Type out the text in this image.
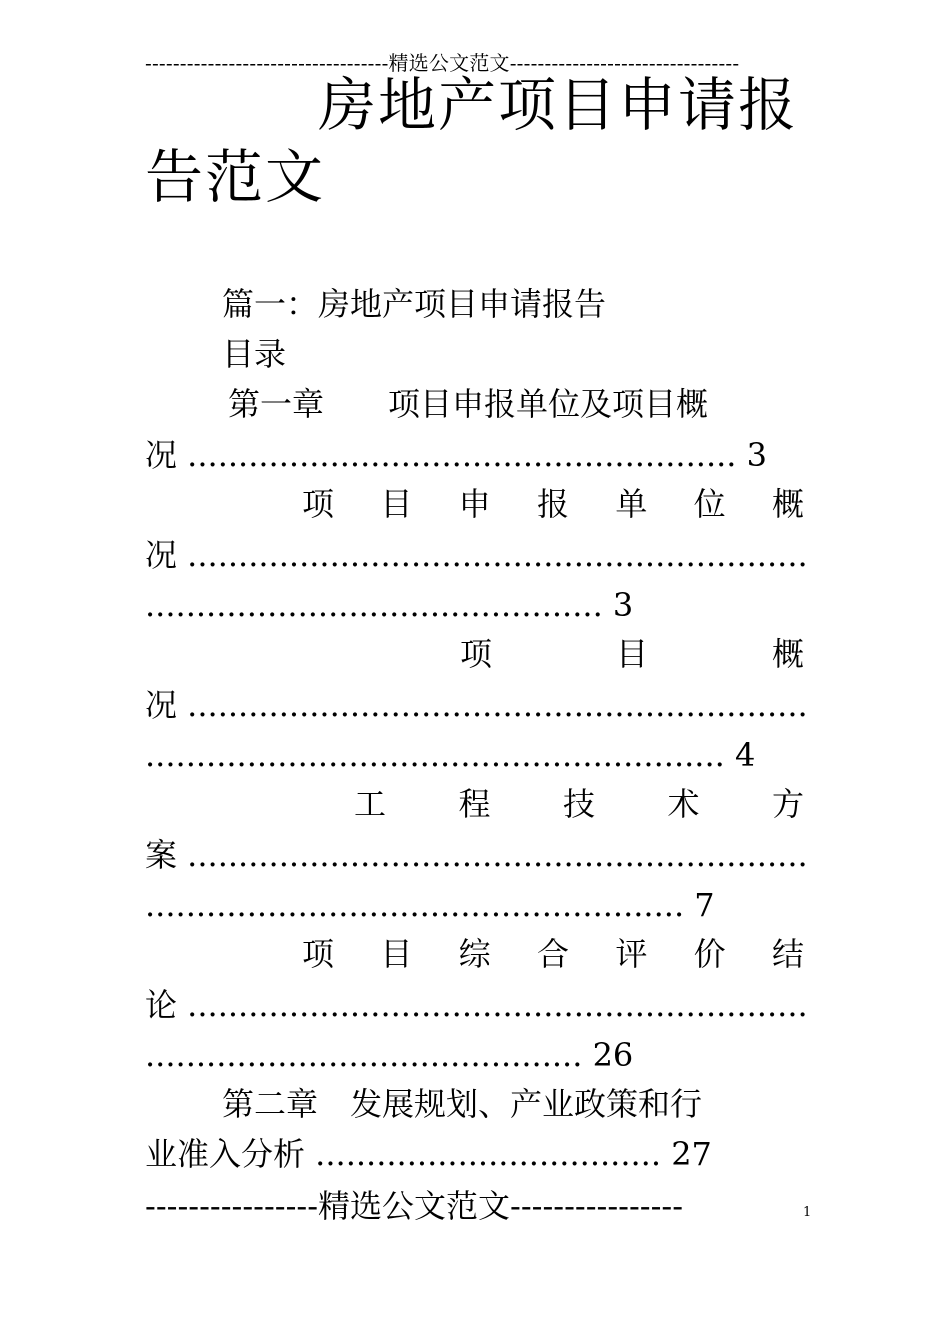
-----------------------------------精选公文范文---------------------------------
房地产项目申请报
告范文
篇一：房地产项目申请报告
目录
第一章　　项目申报单位及项目概
况 ...................................................... 3
项 目 申 报 单 位 概
况 .............................................................
............................................. 3
项	目	概
况 .............................................................
......................................................... 4
工 程 技 术 方
案 .............................................................
..................................................... 7
项 目 综 合 评 价 结
论 .............................................................
........................................... 26
第二章　发展规划、产业政策和行
业准入分析 .................................. 27
----------------精选公文范文----------------	1
